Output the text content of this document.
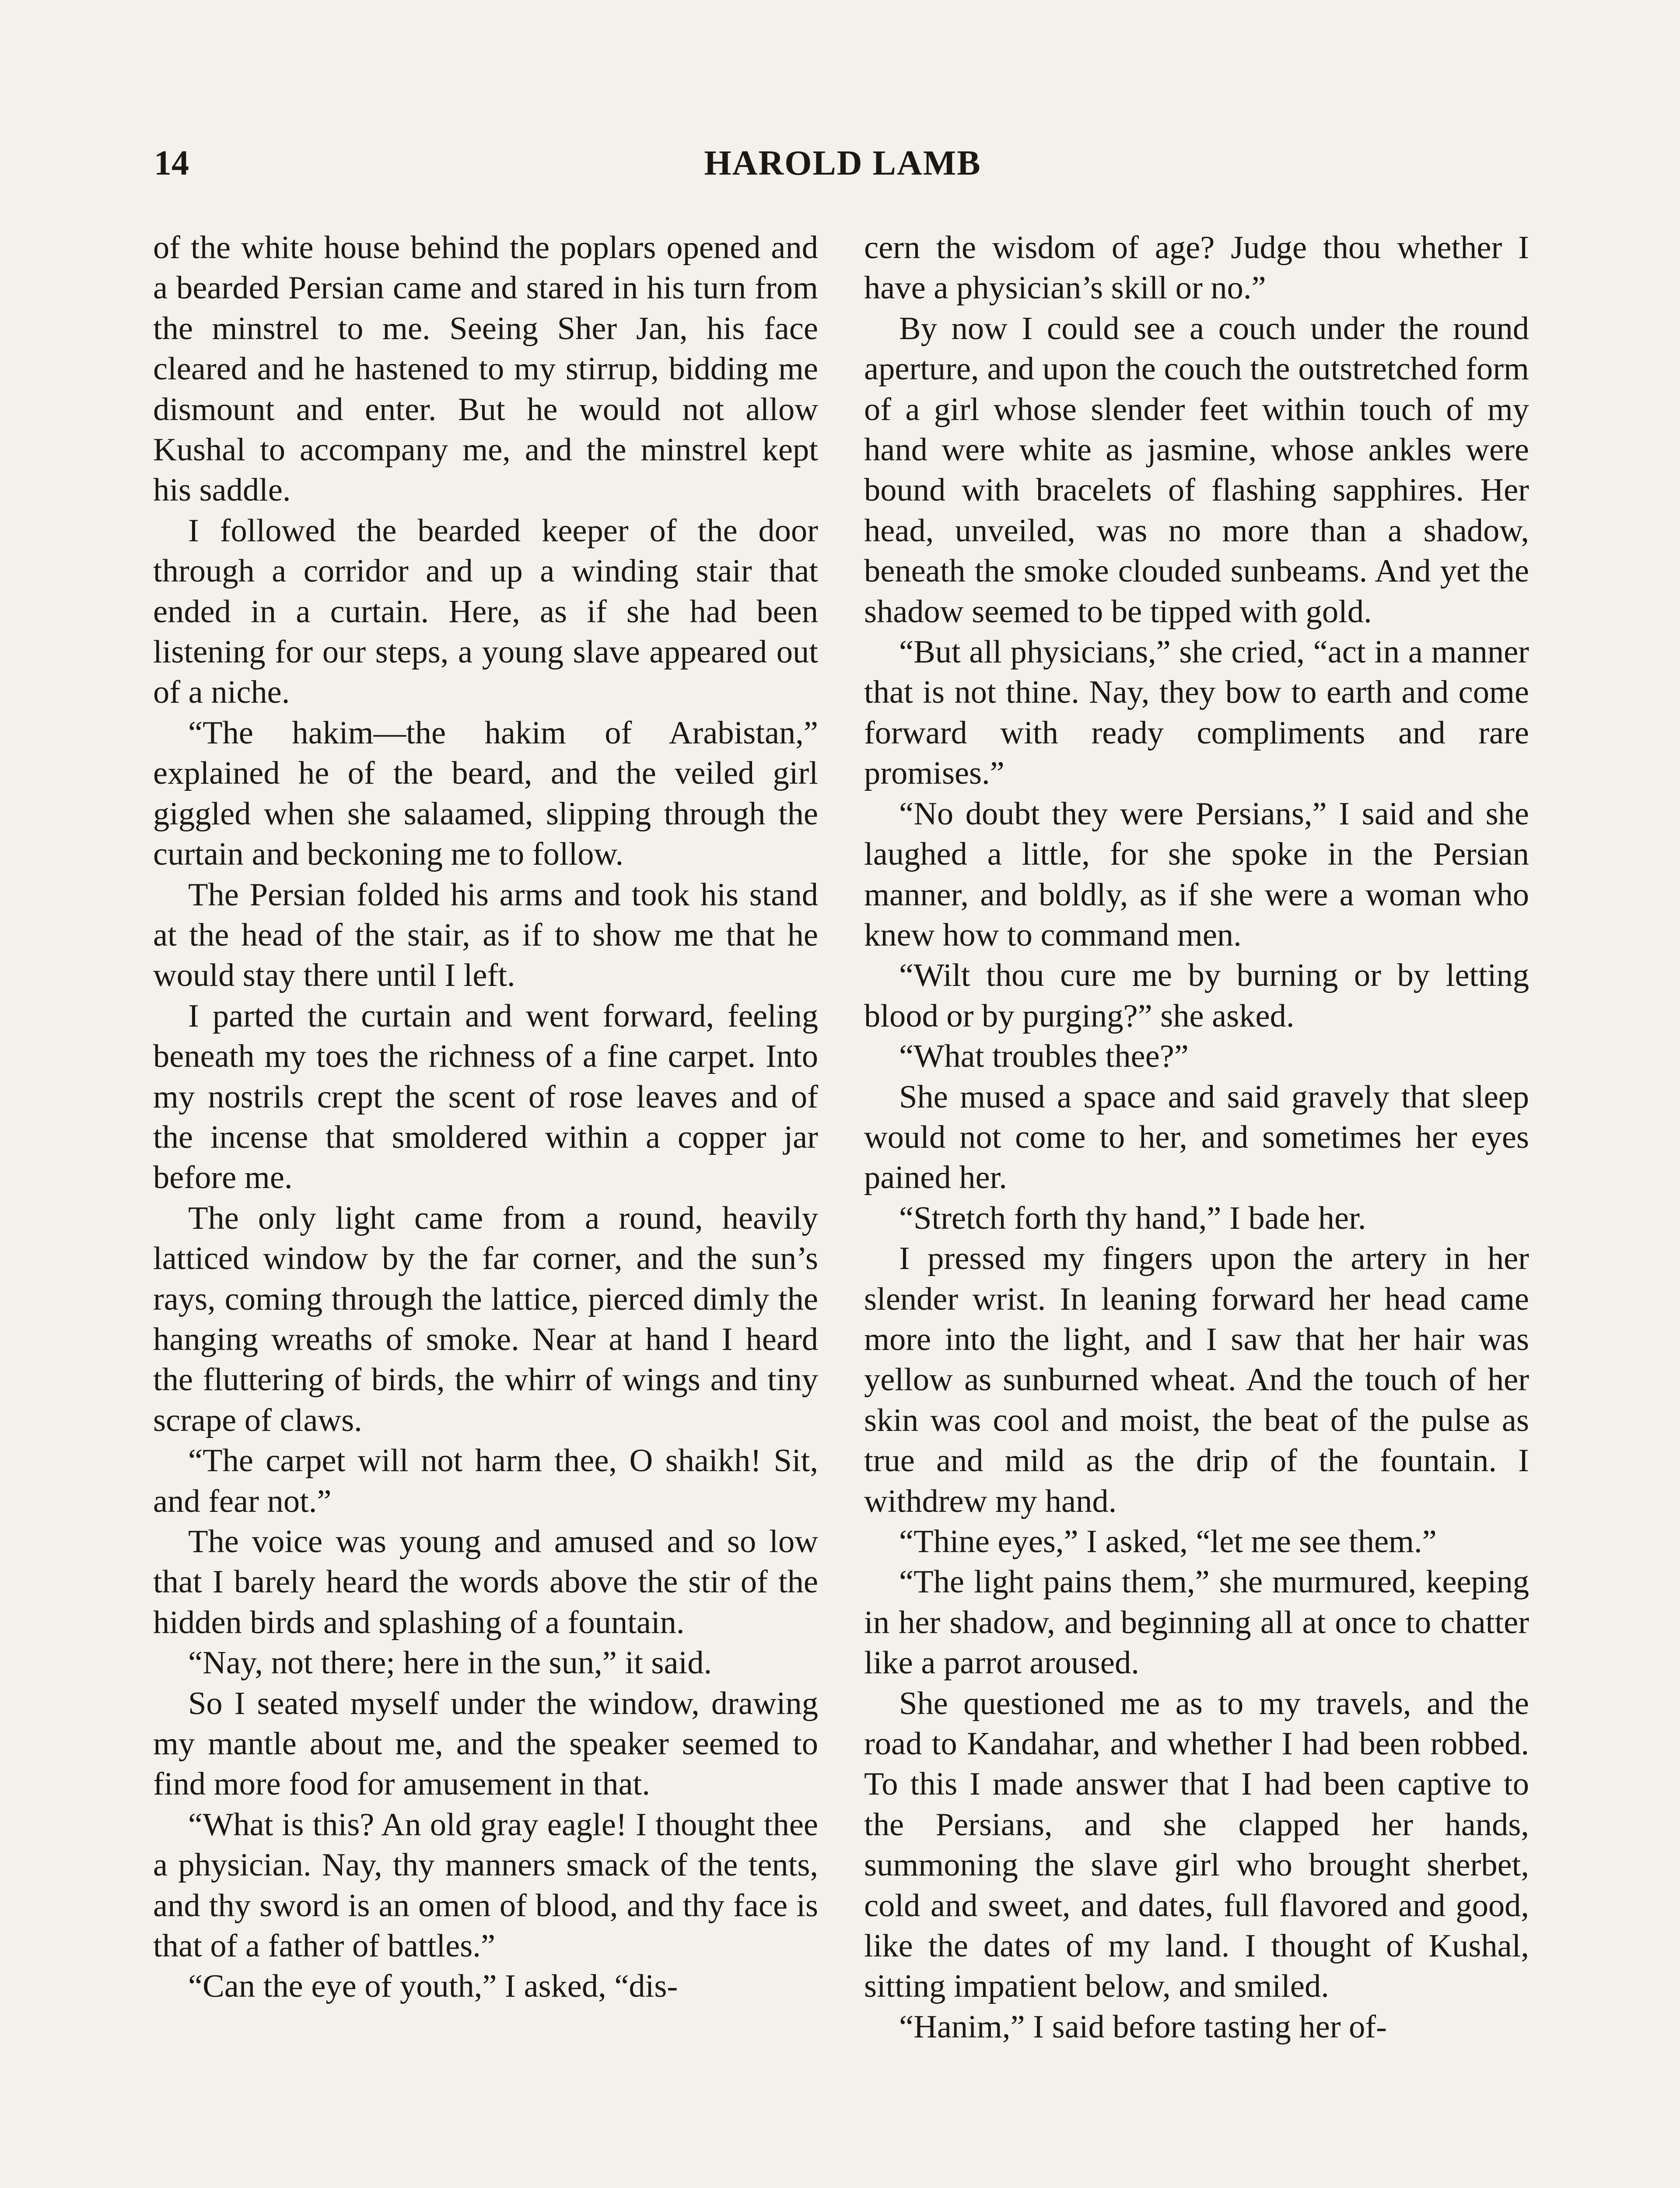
14	HAROLD LAMB

of the white house behind the poplars opened and a bearded Persian came and stared in his turn from the minstrel to me. Seeing Sher Jan, his face cleared and he hastened to my stirrup, bidding me dismount and enter. But he would not allow Kushal to accompany me, and the minstrel kept his saddle.

I followed the bearded keeper of the door through a corridor and up a winding stair that ended in a curtain. Here, as if she had been listening for our steps, a young slave appeared out of a niche.

“The hakim—the hakim of Arabistan,” explained he of the beard, and the veiled girl giggled when she salaamed, slipping through the curtain and beckoning me to follow.

The Persian folded his arms and took his stand at the head of the stair, as if to show me that he would stay there until I left.

I parted the curtain and went forward, feeling beneath my toes the richness of a fine carpet. Into my nostrils crept the scent of rose leaves and of the incense that smoldered within a copper jar before me.

The only light came from a round, heavily latticed window by the far corner, and the sun’s rays, coming through the lattice, pierced dimly the hanging wreaths of smoke. Near at hand I heard the fluttering of birds, the whirr of wings and tiny scrape of claws.

“The carpet will not harm thee, O shaikh! Sit, and fear not.”

The voice was young and amused and so low that I barely heard the words above the stir of the hidden birds and splashing of a fountain.

“Nay, not there; here in the sun,” it said.

So I seated myself under the window, drawing my mantle about me, and the speaker seemed to find more food for amusement in that.

“What is this? An old gray eagle! I thought thee a physician. Nay, thy manners smack of the tents, and thy sword is an omen of blood, and thy face is that of a father of battles.”

“Can the eye of youth,” I asked, “dis-

cern the wisdom of age? Judge thou whether I have a physician’s skill or no.”

By now I could see a couch under the round aperture, and upon the couch the outstretched form of a girl whose slender feet within touch of my hand were white as jasmine, whose ankles were bound with bracelets of flashing sapphires. Her head, unveiled, was no more than a shadow, beneath the smoke clouded sunbeams. And yet the shadow seemed to be tipped with gold.

“But all physicians,” she cried, “act in a manner that is not thine. Nay, they bow to earth and come forward with ready compliments and rare promises.”

“No doubt they were Persians,” I said and she laughed a little, for she spoke in the Persian manner, and boldly, as if she were a woman who knew how to command men.

“Wilt thou cure me by burning or by letting blood or by purging?” she asked.

“What troubles thee?”

She mused a space and said gravely that sleep would not come to her, and sometimes her eyes pained her.

“Stretch forth thy hand,” I bade her.

I pressed my fingers upon the artery in her slender wrist. In leaning forward her head came more into the light, and I saw that her hair was yellow as sunburned wheat. And the touch of her skin was cool and moist, the beat of the pulse as true and mild as the drip of the fountain. I withdrew my hand.

“Thine eyes,” I asked, “let me see them.”

“The light pains them,” she murmured, keeping in her shadow, and beginning all at once to chatter like a parrot aroused.

She questioned me as to my travels, and the road to Kandahar, and whether I had been robbed. To this I made answer that I had been captive to the Persians, and she clapped her hands, summoning the slave girl who brought sherbet, cold and sweet, and dates, full flavored and good, like the dates of my land. I thought of Kushal, sitting impatient below, and smiled.

“Hanim,” I said before tasting her of-
